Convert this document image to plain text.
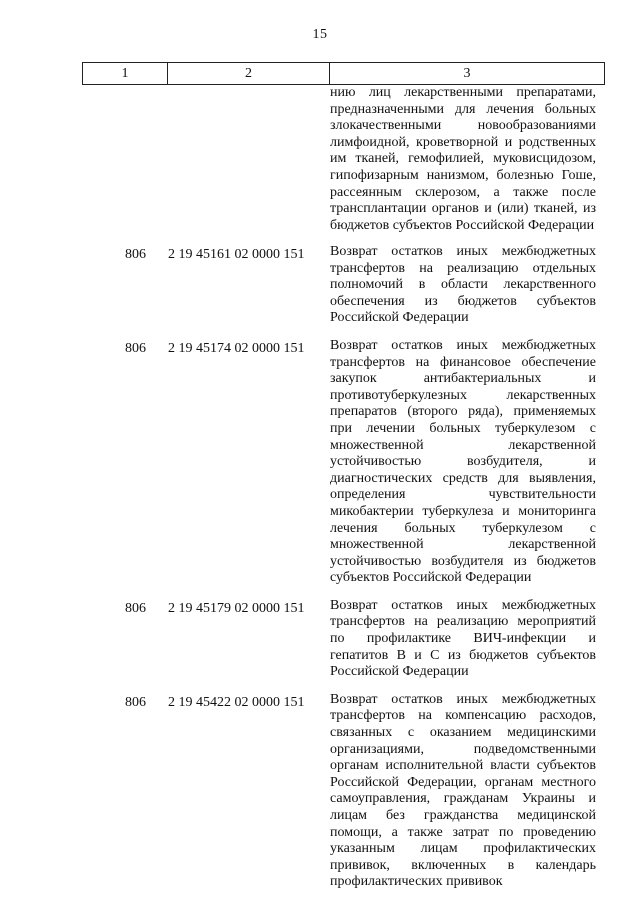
15
1	2	3

нию лиц лекарственными препаратами, предназначенными для лечения больных злокачественными новообразованиями лимфоидной, кроветворной и родственных им тканей, гемофилией, муковисцидозом, гипофизарным нанизмом, болезнью Гоше, рассеянным склерозом, а также после трансплантации органов и (или) тканей, из бюджетов субъектов Российской Федерации

806	2 19 45161 02 0000 151	Возврат остатков иных межбюджетных трансфертов на реализацию отдельных полномочий в области лекарственного обеспечения из бюджетов субъектов Российской Федерации

806	2 19 45174 02 0000 151	Возврат остатков иных межбюджетных трансфертов на финансовое обеспечение закупок антибактериальных и противотуберкулезных лекарственных препаратов (второго ряда), применяемых при лечении больных туберкулезом с множественной лекарственной устойчивостью возбудителя, и диагностических средств для выявления, определения чувствительности микобактерии туберкулеза и мониторинга лечения больных туберкулезом с множественной лекарственной устойчивостью возбудителя из бюджетов субъектов Российской Федерации

806	2 19 45179 02 0000 151	Возврат остатков иных межбюджетных трансфертов на реализацию мероприятий по профилактике ВИЧ-инфекции и гепатитов В и С из бюджетов субъектов Российской Федерации

806	2 19 45422 02 0000 151	Возврат остатков иных межбюджетных трансфертов на компенсацию расходов, связанных с оказанием медицинскими организациями, подведомственными органам исполнительной власти субъектов Российской Федерации, органам местного самоуправления, гражданам Украины и лицам без гражданства медицинской помощи, а также затрат по проведению указанным лицам профилактических прививок, включенных в календарь профилактических прививок
